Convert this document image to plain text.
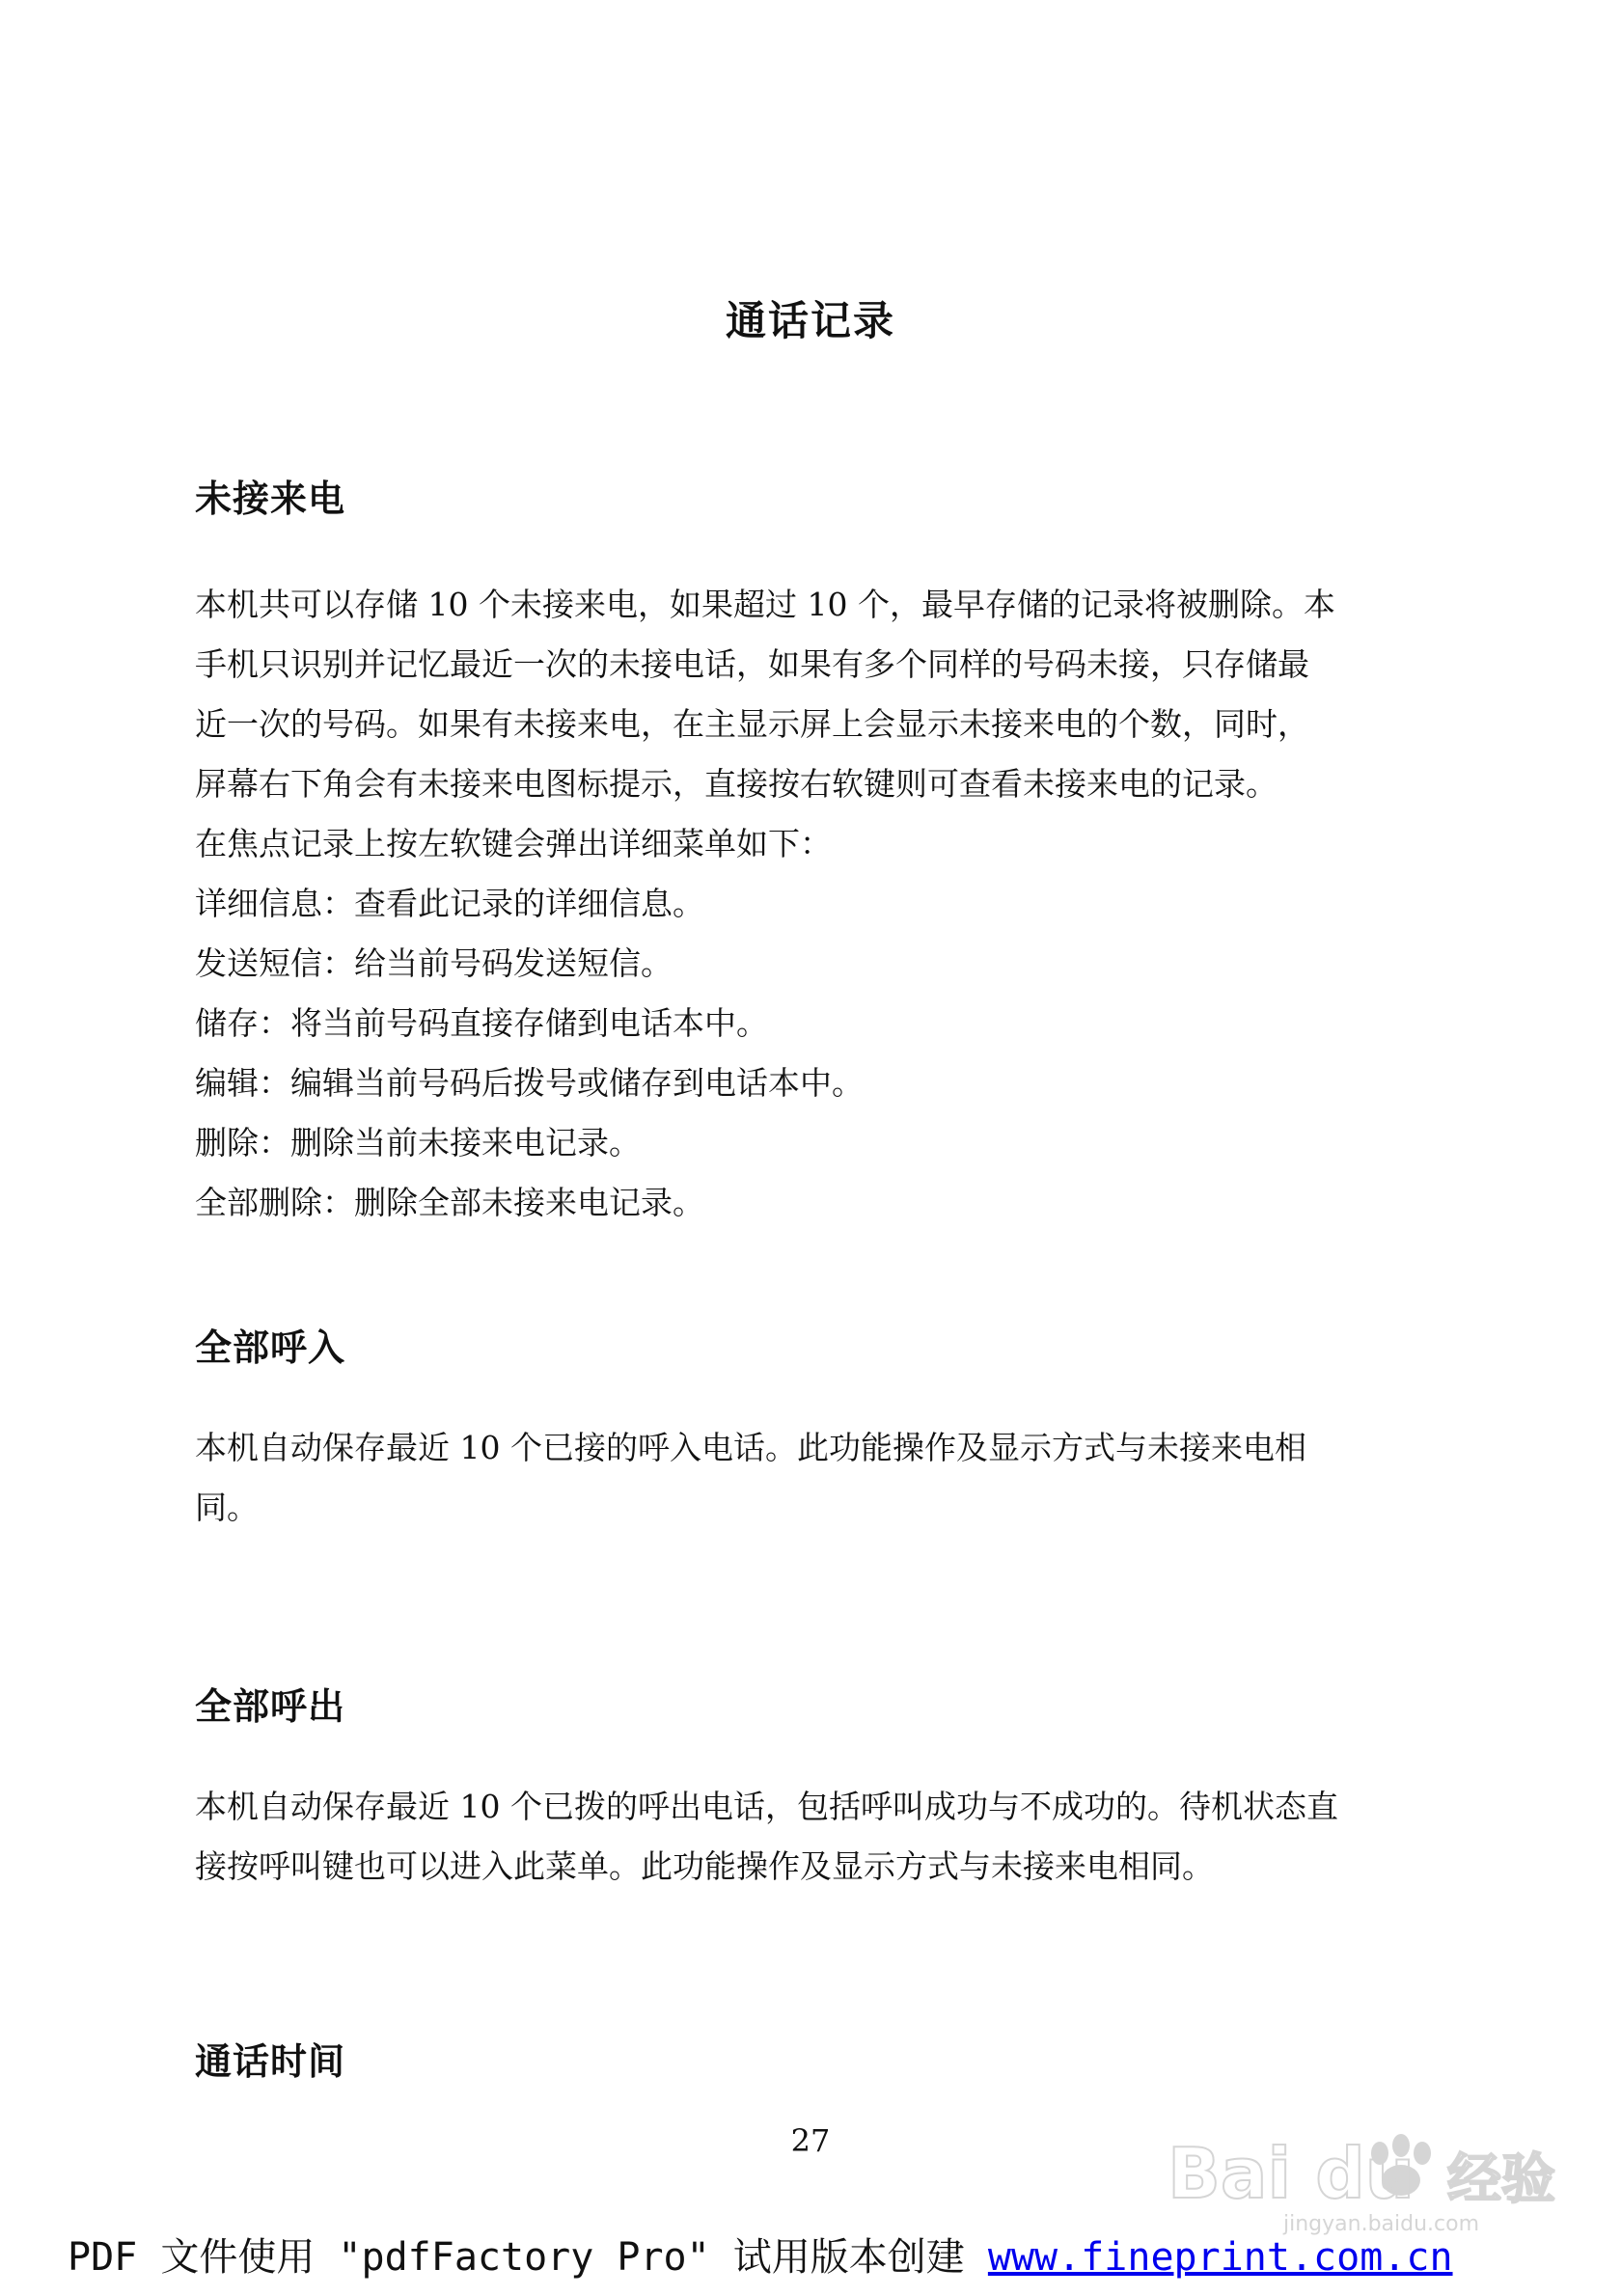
通话记录
未接来电

本机共可以存储 10 个未接来电，如果超过 10 个，最早存储的记录将被删除。本
手机只识别并记忆最近一次的未接电话，如果有多个同样的号码未接，只存储最
近一次的号码。如果有未接来电，在主显示屏上会显示未接来电的个数，同时，
屏幕右下角会有未接来电图标提示，直接按右软键则可查看未接来电的记录。
在焦点记录上按左软键会弹出详细菜单如下：
详细信息：查看此记录的详细信息。
发送短信：给当前号码发送短信。
储存：将当前号码直接存储到电话本中。
编辑：编辑当前号码后拨号或储存到电话本中。
删除：删除当前未接来电记录。
全部删除：删除全部未接来电记录。

全部呼入

本机自动保存最近 10 个已接的呼入电话。此功能操作及显示方式与未接来电相
同。

全部呼出

本机自动保存最近 10 个已拨的呼出电话，包括呼叫成功与不成功的。待机状态直
接按呼叫键也可以进入此菜单。此功能操作及显示方式与未接来电相同。

通话时间

27	Bai du 经验
jingyan.baidu.com

PDF 文件使用 "pdfFactory Pro" 试用版本创建 www.fineprint.com.cn
